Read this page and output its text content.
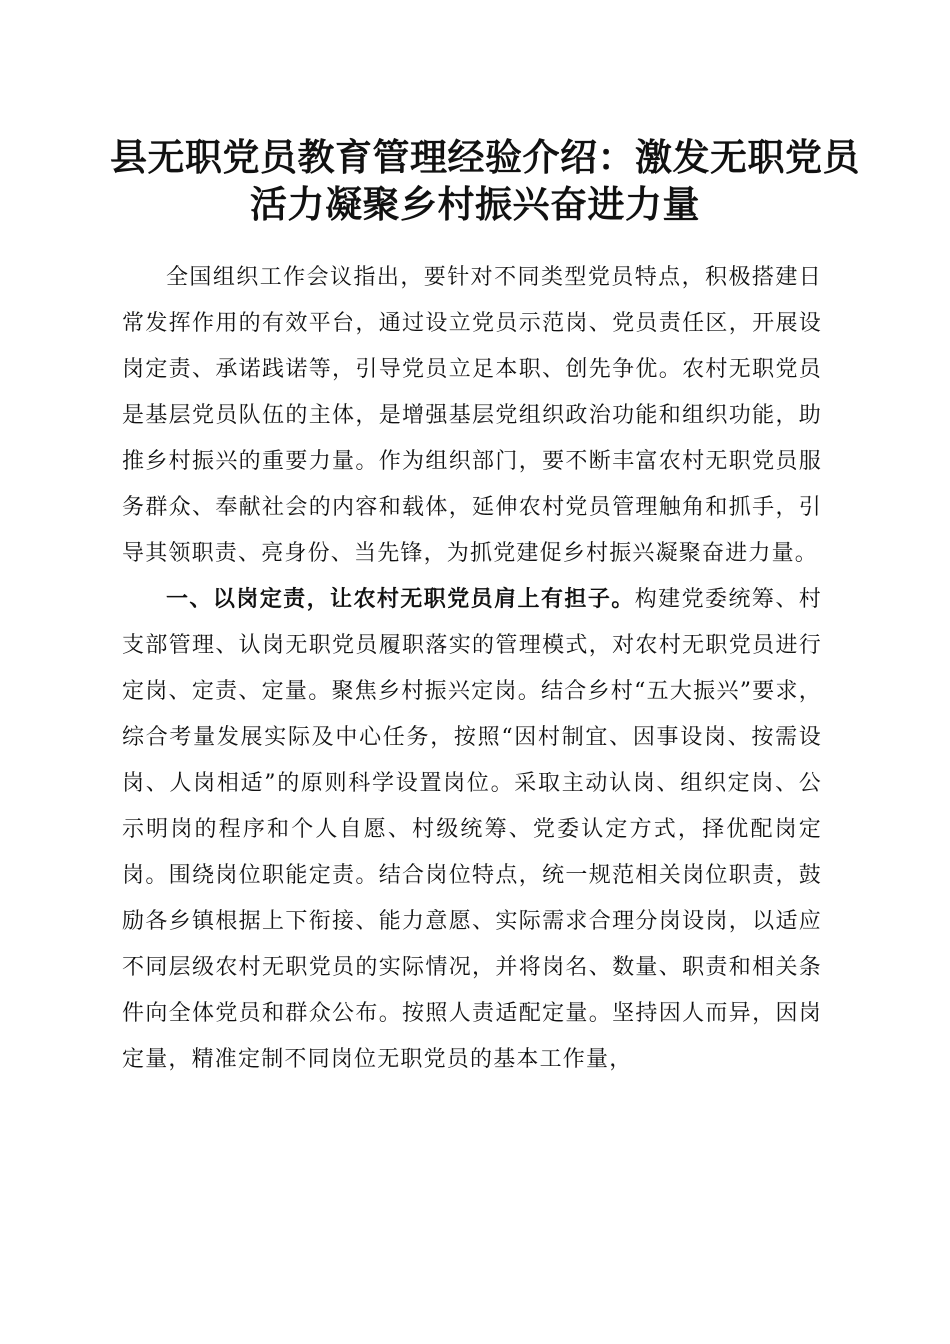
县无职党员教育管理经验介绍：激发无职党员
活力凝聚乡村振兴奋进力量

全国组织工作会议指出，要针对不同类型党员特点，积极搭建日常发挥作用的有效平台，通过设立党员示范岗、党员责任区，开展设岗定责、承诺践诺等，引导党员立足本职、创先争优。农村无职党员是基层党员队伍的主体，是增强基层党组织政治功能和组织功能，助推乡村振兴的重要力量。作为组织部门，要不断丰富农村无职党员服务群众、奉献社会的内容和载体，延伸农村党员管理触角和抓手，引导其领职责、亮身份、当先锋，为抓党建促乡村振兴凝聚奋进力量。

一、以岗定责，让农村无职党员肩上有担子。构建党委统筹、村支部管理、认岗无职党员履职落实的管理模式，对农村无职党员进行定岗、定责、定量。聚焦乡村振兴定岗。结合乡村“五大振兴”要求，综合考量发展实际及中心任务，按照“因村制宜、因事设岗、按需设岗、人岗相适”的原则科学设置岗位。采取主动认岗、组织定岗、公示明岗的程序和个人自愿、村级统筹、党委认定方式，择优配岗定岗。围绕岗位职能定责。结合岗位特点，统一规范相关岗位职责，鼓励各乡镇根据上下衔接、能力意愿、实际需求合理分岗设岗，以适应不同层级农村无职党员的实际情况，并将岗名、数量、职责和相关条件向全体党员和群众公布。按照人责适配定量。坚持因人而异，因岗定量，精准定制不同岗位无职党员的基本工作量，
